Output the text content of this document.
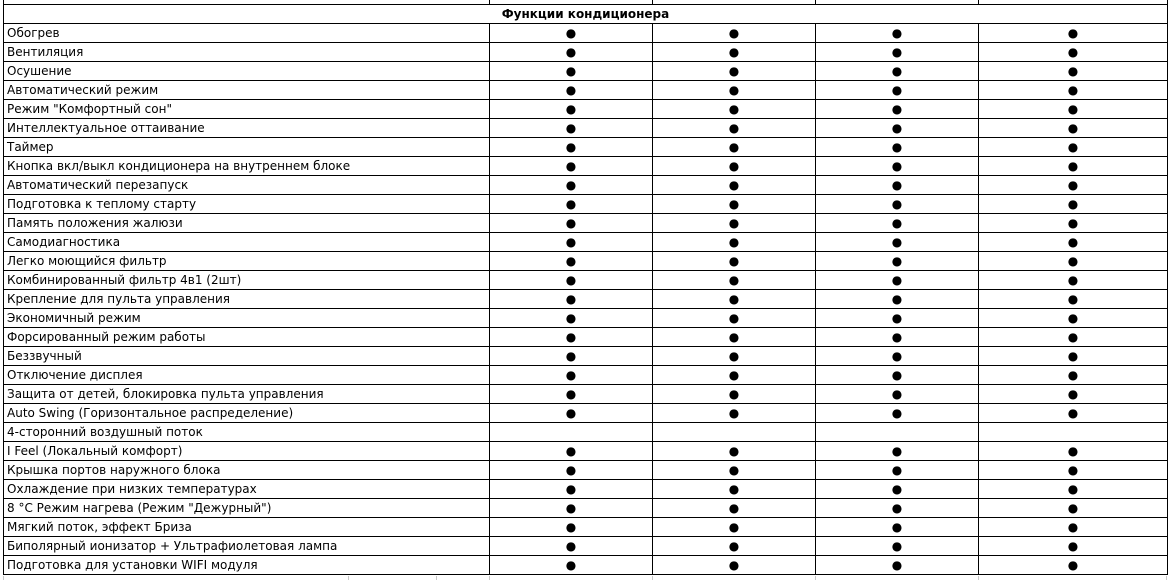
Функции кондиционера				
Обогрев	●	●	●	●
Вентиляция	●	●	●	●
Осушение	●	●	●	●
Автоматический режим	●	●	●	●
Режим "Комфортный сон"	●	●	●	●
Интеллектуальное оттаивание	●	●	●	●
Таймер	●	●	●	●
Кнопка вкл/выкл кондиционера на внутреннем блоке	●	●	●	●
Автоматический перезапуск	●	●	●	●
Подготовка к теплому старту	●	●	●	●
Память положения жалюзи	●	●	●	●
Самодиагностика	●	●	●	●
Легко моющийся фильтр	●	●	●	●
Комбинированный фильтр 4в1 (2шт)	●	●	●	●
Крепление для пульта управления	●	●	●	●
Экономичный режим	●	●	●	●
Форсированный режим работы	●	●	●	●
Беззвучный	●	●	●	●
Отключение дисплея	●	●	●	●
Защита от детей, блокировка пульта управления	●	●	●	●
Auto Swing (Горизонтальное распределение)	●	●	●	●
4-сторонний воздушный поток				
I Feel (Локальный комфорт)	●	●	●	●
Крышка портов наружного блока	●	●	●	●
Охлаждение при низких температурах	●	●	●	●
8 °С Режим нагрева (Режим "Дежурный")	●	●	●	●
Мягкий поток, эффект Бриза	●	●	●	●
Биполярный ионизатор + Ультрафиолетовая лампа	●	●	●	●
Подготовка для установки WIFI модуля	●	●	●	●
